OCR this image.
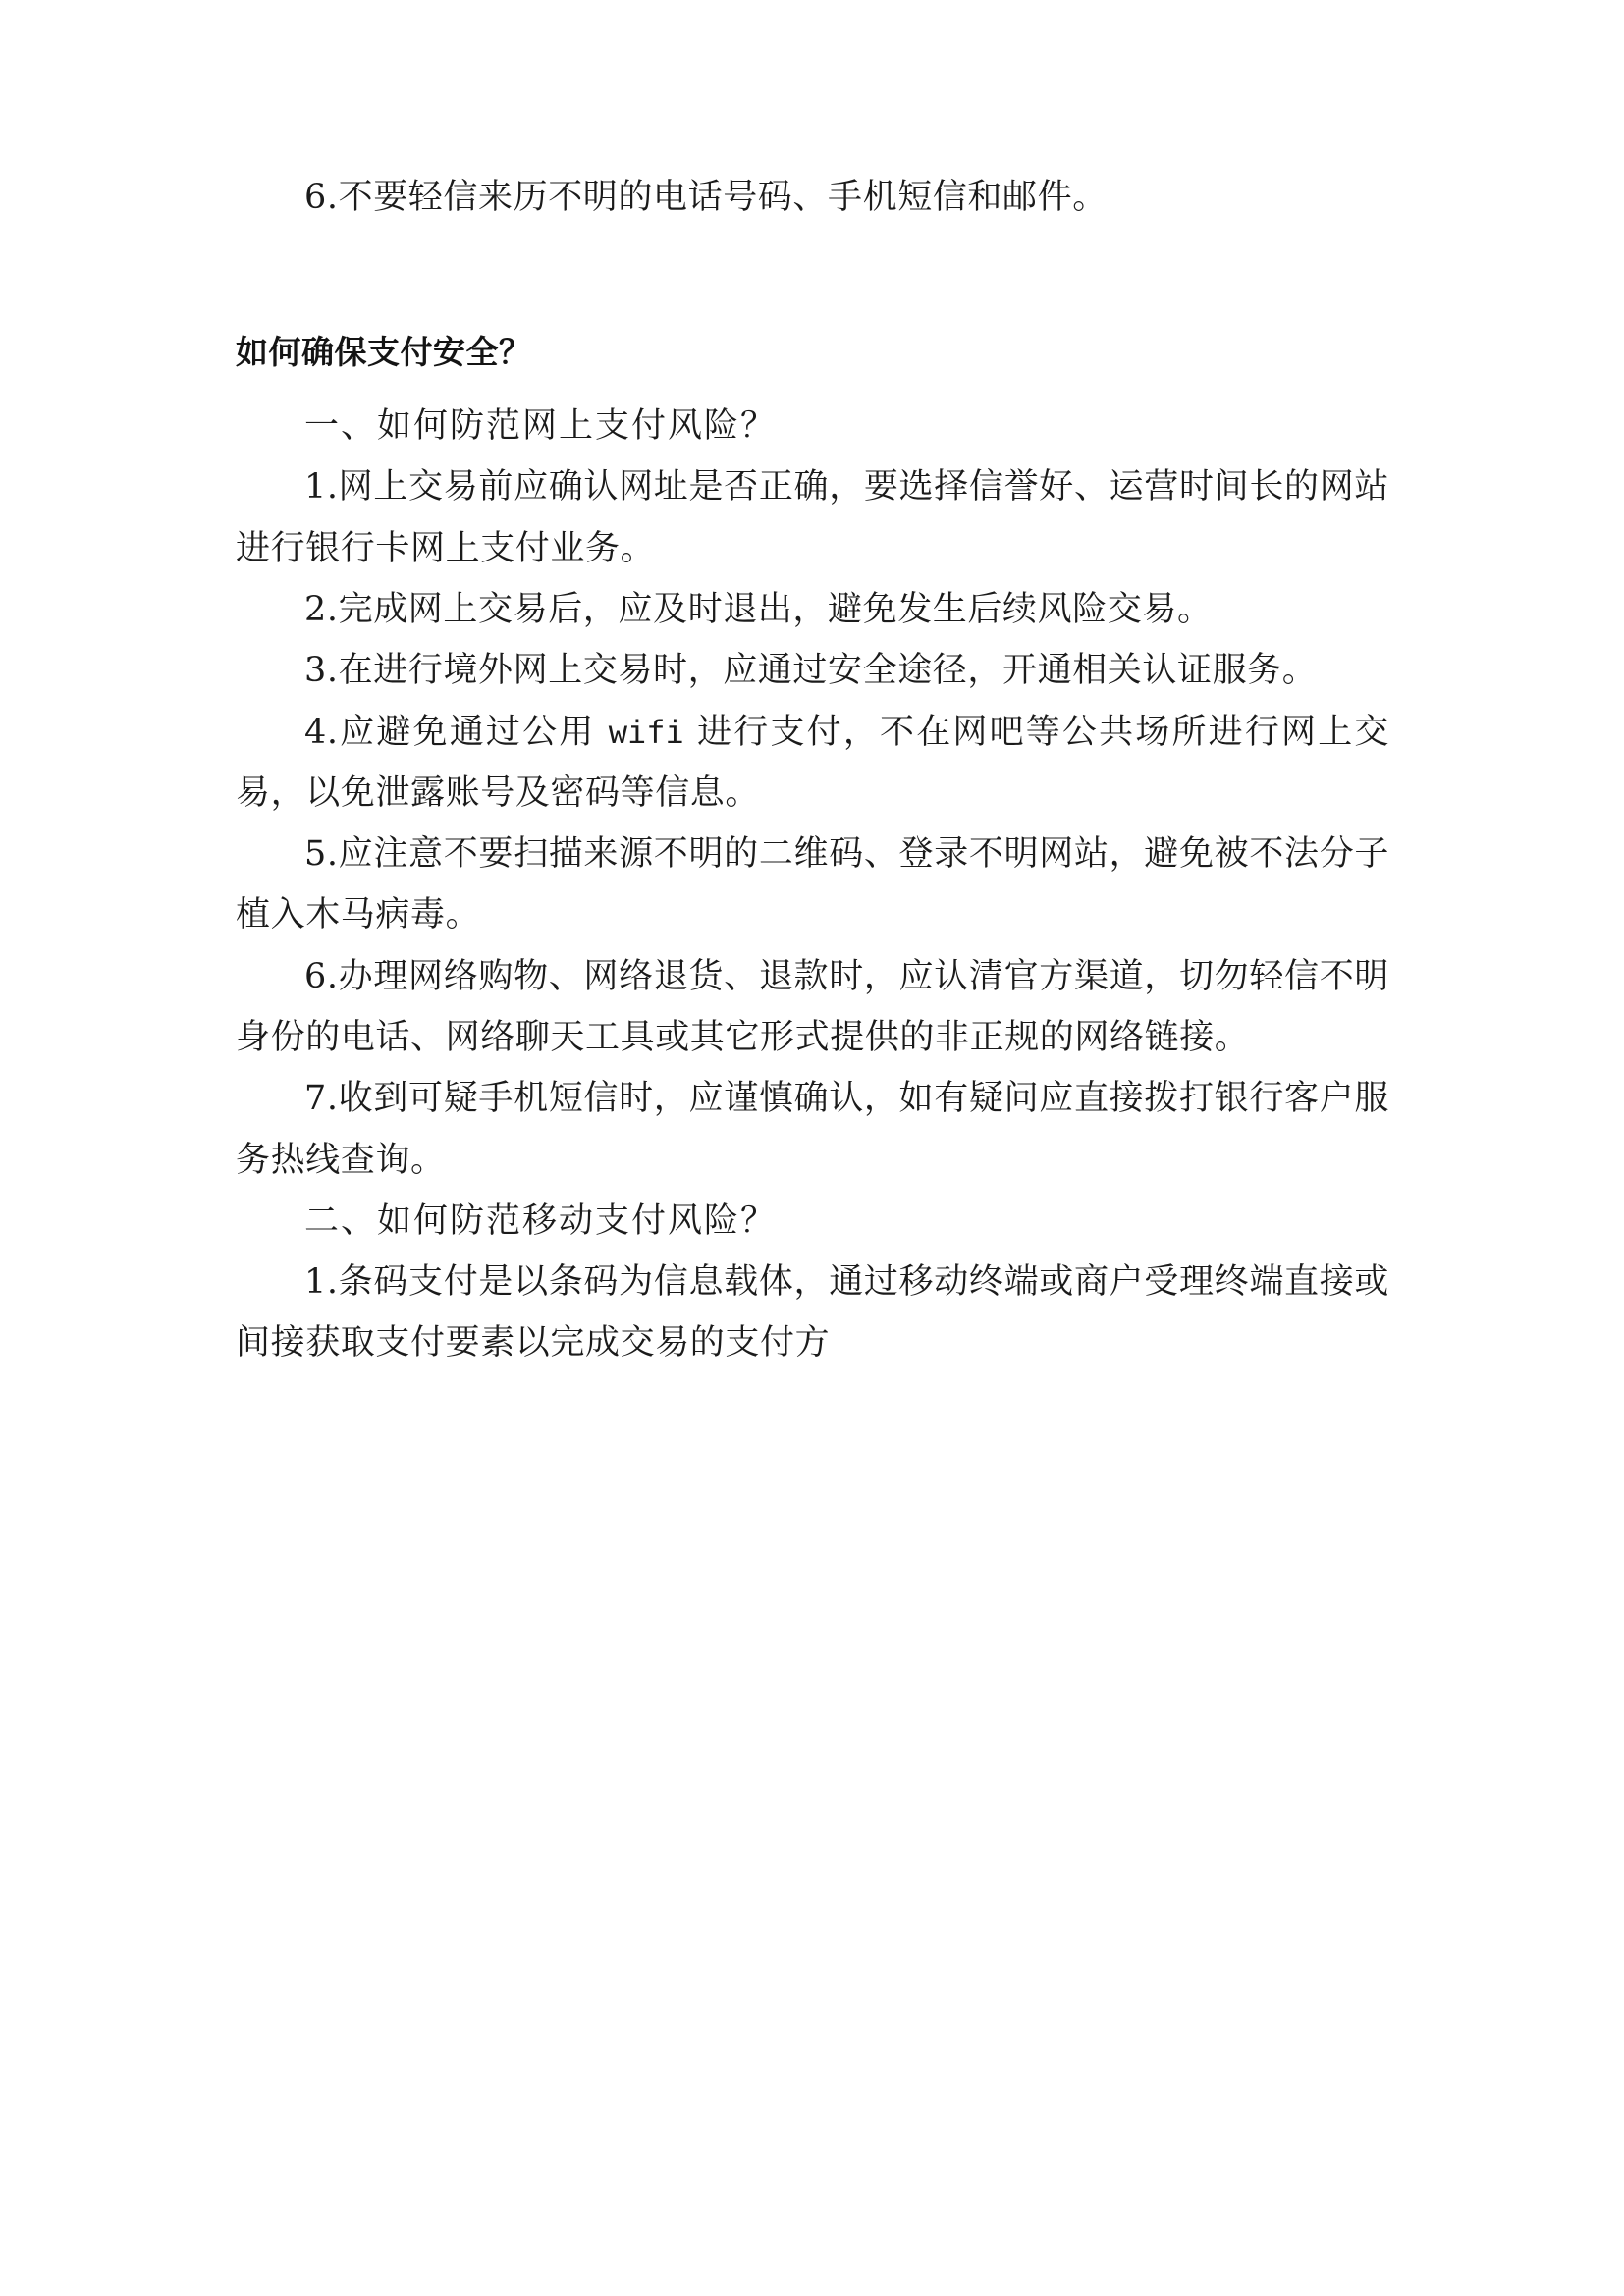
6.不要轻信来历不明的电话号码、手机短信和邮件。

如何确保支付安全？

一、如何防范网上支付风险？

1.网上交易前应确认网址是否正确，要选择信誉好、运营时间长的网站进行银行卡网上支付业务。

2.完成网上交易后，应及时退出，避免发生后续风险交易。

3.在进行境外网上交易时，应通过安全途径，开通相关认证服务。

4.应避免通过公用 wifi 进行支付，不在网吧等公共场所进行网上交易，以免泄露账号及密码等信息。

5.应注意不要扫描来源不明的二维码、登录不明网站，避免被不法分子植入木马病毒。

6.办理网络购物、网络退货、退款时，应认清官方渠道，切勿轻信不明身份的电话、网络聊天工具或其它形式提供的非正规的网络链接。

7.收到可疑手机短信时，应谨慎确认，如有疑问应直接拨打银行客户服务热线查询。

二、如何防范移动支付风险？

1.条码支付是以条码为信息载体，通过移动终端或商户受理终端直接或间接获取支付要素以完成交易的支付方
